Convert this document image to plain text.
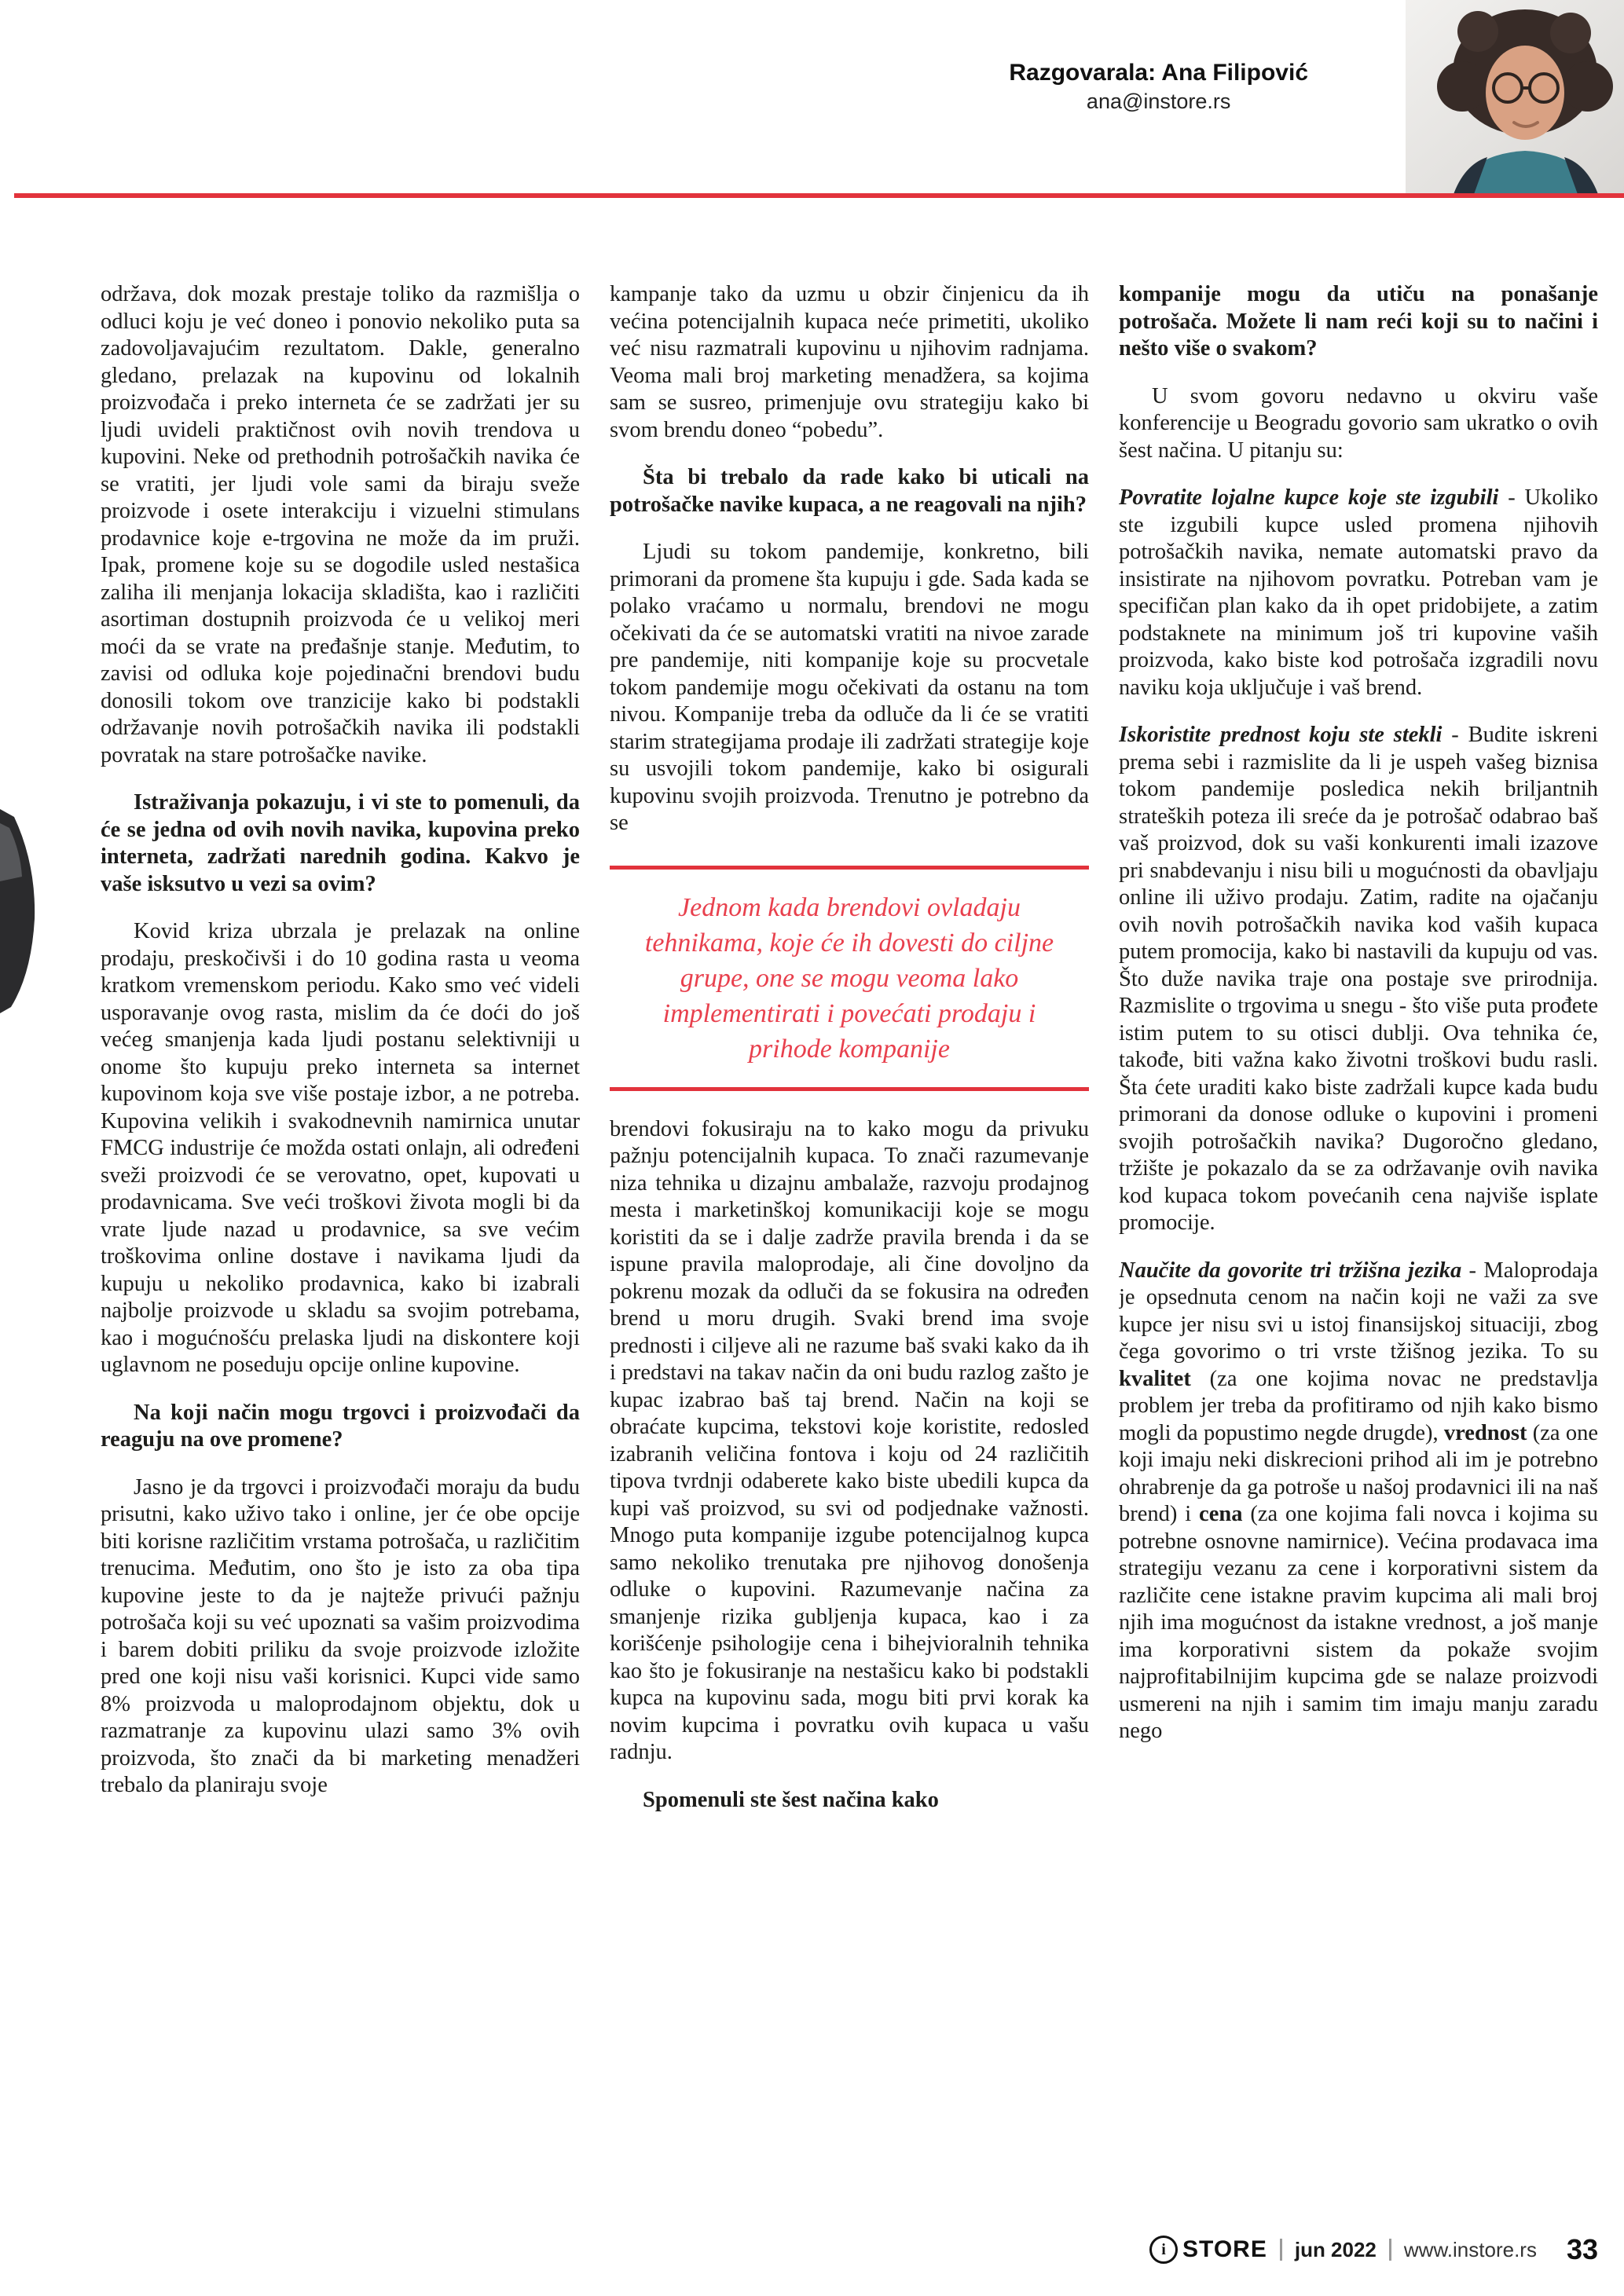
Razgovarala: Ana Filipović
ana@instore.rs

održava, dok mozak prestaje toliko da razmišlja o odluci koju je već doneo i ponovio nekoliko puta sa zadovoljavajućim rezultatom. Dakle, generalno gledano, prelazak na kupovinu od lokalnih proizvođača i preko interneta će se zadržati jer su ljudi uvideli praktičnost ovih novih trendova u kupovini. Neke od prethodnih potrošačkih navika će se vratiti, jer ljudi vole sami da biraju sveže proizvode i osete interakciju i vizuelni stimulans prodavnice koje e-trgovina ne može da im pruži. Ipak, promene koje su se dogodile usled nestašica zaliha ili menjanja lokacija skladišta, kao i različiti asortiman dostupnih proizvoda će u velikoj meri moći da se vrate na pređašnje stanje. Međutim, to zavisi od odluka koje pojedinačni brendovi budu donosili tokom ove tranzicije kako bi podstakli održavanje novih potrošačkih navika ili podstakli povratak na stare potrošačke navike.

Istraživanja pokazuju, i vi ste to pomenuli, da će se jedna od ovih novih navika, kupovina preko interneta, zadržati narednih godina. Kakvo je vaše isksutvo u vezi sa ovim?

Kovid kriza ubrzala je prelazak na online prodaju, preskočivši i do 10 godina rasta u veoma kratkom vremenskom periodu. Kako smo već videli usporavanje ovog rasta, mislim da će doći do još većeg smanjenja kada ljudi postanu selektivniji u onome što kupuju preko interneta sa internet kupovinom koja sve više postaje izbor, a ne potreba. Kupovina velikih i svakodnevnih namirnica unutar FMCG industrije će možda ostati onlajn, ali određeni sveži proizvodi će se verovatno, opet, kupovati u prodavnicama. Sve veći troškovi života mogli bi da vrate ljude nazad u prodavnice, sa sve većim troškovima online dostave i navikama ljudi da kupuju u nekoliko prodavnica, kako bi izabrali najbolje proizvode u skladu sa svojim potrebama, kao i mogućnošću prelaska ljudi na diskontere koji uglavnom ne poseduju opcije online kupovine.

Na koji način mogu trgovci i proizvođači da reaguju na ove promene?

Jasno je da trgovci i proizvođači moraju da budu prisutni, kako uživo tako i online, jer će obe opcije biti korisne različitim vrstama potrošača, u različitim trenucima. Međutim, ono što je isto za oba tipa kupovine jeste to da je najteže privući pažnju potrošača koji su već upoznati sa vašim proizvodima i barem dobiti priliku da svoje proizvode izložite pred one koji nisu vaši korisnici. Kupci vide samo 8% proizvoda u maloprodajnom objektu, dok u razmatranje za kupovinu ulazi samo 3% ovih proizvoda, što znači da bi marketing menadžeri trebalo da planiraju svoje

kampanje tako da uzmu u obzir činjenicu da ih većina potencijalnih kupaca neće primetiti, ukoliko već nisu razmatrali kupovinu u njihovim radnjama. Veoma mali broj marketing menadžera, sa kojima sam se susreo, primenjuje ovu strategiju kako bi svom brendu doneo “pobedu”.

Šta bi trebalo da rade kako bi uticali na potrošačke navike kupaca, a ne reagovali na njih?

Ljudi su tokom pandemije, konkretno, bili primorani da promene šta kupuju i gde. Sada kada se polako vraćamo u normalu, brendovi ne mogu očekivati da će se automatski vratiti na nivoe zarade pre pandemije, niti kompanije koje su procvetale tokom pandemije mogu očekivati da ostanu na tom nivou. Kompanije treba da odluče da li će se vratiti starim strategijama prodaje ili zadržati strategije koje su usvojili tokom pandemije, kako bi osigurali kupovinu svojih proizvoda. Trenutno je potrebno da se

Jednom kada brendovi ovladaju tehnikama, koje će ih dovesti do ciljne grupe, one se mogu veoma lako implementirati i povećati prodaju i prihode kompanije

brendovi fokusiraju na to kako mogu da privuku pažnju potencijalnih kupaca. To znači razumevanje niza tehnika u dizajnu ambalaže, razvoju prodajnog mesta i marketinškoj komunikaciji koje se mogu koristiti da se i dalje zadrže pravila brenda i da se ispune pravila maloprodaje, ali čine dovoljno da pokrenu mozak da odluči da se fokusira na određen brend u moru drugih. Svaki brend ima svoje prednosti i ciljeve ali ne razume baš svaki kako da ih i predstavi na takav način da oni budu razlog zašto je kupac izabrao baš taj brend. Način na koji se obraćate kupcima, tekstovi koje koristite, redosled izabranih veličina fontova i koju od 24 različitih tipova tvrdnji odaberete kako biste ubedili kupca da kupi vaš proizvod, su svi od podjednake važnosti. Mnogo puta kompanije izgube potencijalnog kupca samo nekoliko trenutaka pre njihovog donošenja odluke o kupovini. Razumevanje načina za smanjenje rizika gubljenja kupaca, kao i za korišćenje psihologije cena i bihejvioralnih tehnika kao što je fokusiranje na nestašicu kako bi podstakli kupca na kupovinu sada, mogu biti prvi korak ka novim kupcima i povratku ovih kupaca u vašu radnju.

Spomenuli ste šest načina kako

kompanije mogu da utiču na ponašanje potrošača. Možete li nam reći koji su to načini i nešto više o svakom?

U svom govoru nedavno u okviru vaše konferencije u Beogradu govorio sam ukratko o ovih šest načina. U pitanju su:

Povratite lojalne kupce koje ste izgubili - Ukoliko ste izgubili kupce usled promena njihovih potrošačkih navika, nemate automatski pravo da insistirate na njihovom povratku. Potreban vam je specifičan plan kako da ih opet pridobijete, a zatim podstaknete na minimum još tri kupovine vaših proizvoda, kako biste kod potrošača izgradili novu naviku koja uključuje i vaš brend.

Iskoristite prednost koju ste stekli - Budite iskreni prema sebi i razmislite da li je uspeh vašeg biznisa tokom pandemije posledica nekih briljantnih strateških poteza ili sreće da je potrošač odabrao baš vaš proizvod, dok su vaši konkurenti imali izazove pri snabdevanju i nisu bili u mogućnosti da obavljaju online ili uživo prodaju. Zatim, radite na ojačanju ovih novih potrošačkih navika kod vaših kupaca putem promocija, kako bi nastavili da kupuju od vas. Što duže navika traje ona postaje sve prirodnija. Razmislite o trgovima u snegu - što više puta prođete istim putem to su otisci dublji. Ova tehnika će, takođe, biti važna kako životni troškovi budu rasli. Šta ćete uraditi kako biste zadržali kupce kada budu primorani da donose odluke o kupovini i promeni svojih potrošačkih navika? Dugoročno gledano, tržište je pokazalo da se za održavanje ovih navika kod kupaca tokom povećanih cena najviše isplate promocije.

Naučite da govorite tri tržišna jezika - Maloprodaja je opsednuta cenom na način koji ne važi za sve kupce jer nisu svi u istoj finansijskoj situaciji, zbog čega govorimo o tri vrste tžišnog jezika. To su kvalitet (za one kojima novac ne predstavlja problem jer treba da profitiramo od njih kako bismo mogli da popustimo negde drugde), vrednost (za one koji imaju neki diskrecioni prihod ali im je potrebno ohrabrenje da ga potroše u našoj prodavnici ili na naš brend) i cena (za one kojima fali novca i kojima su potrebne osnovne namirnice). Većina prodavaca ima strategiju vezanu za cene i korporativni sistem da različite cene istakne pravim kupcima ali mali broj njih ima mogućnost da istakne vrednost, a još manje ima korporativni sistem da pokaže svojim najprofitabilnijim kupcima gde se nalaze proizvodi usmereni na njih i samim tim imaju manju zaradu nego

i STORE jun 2022 www.instore.rs 33
